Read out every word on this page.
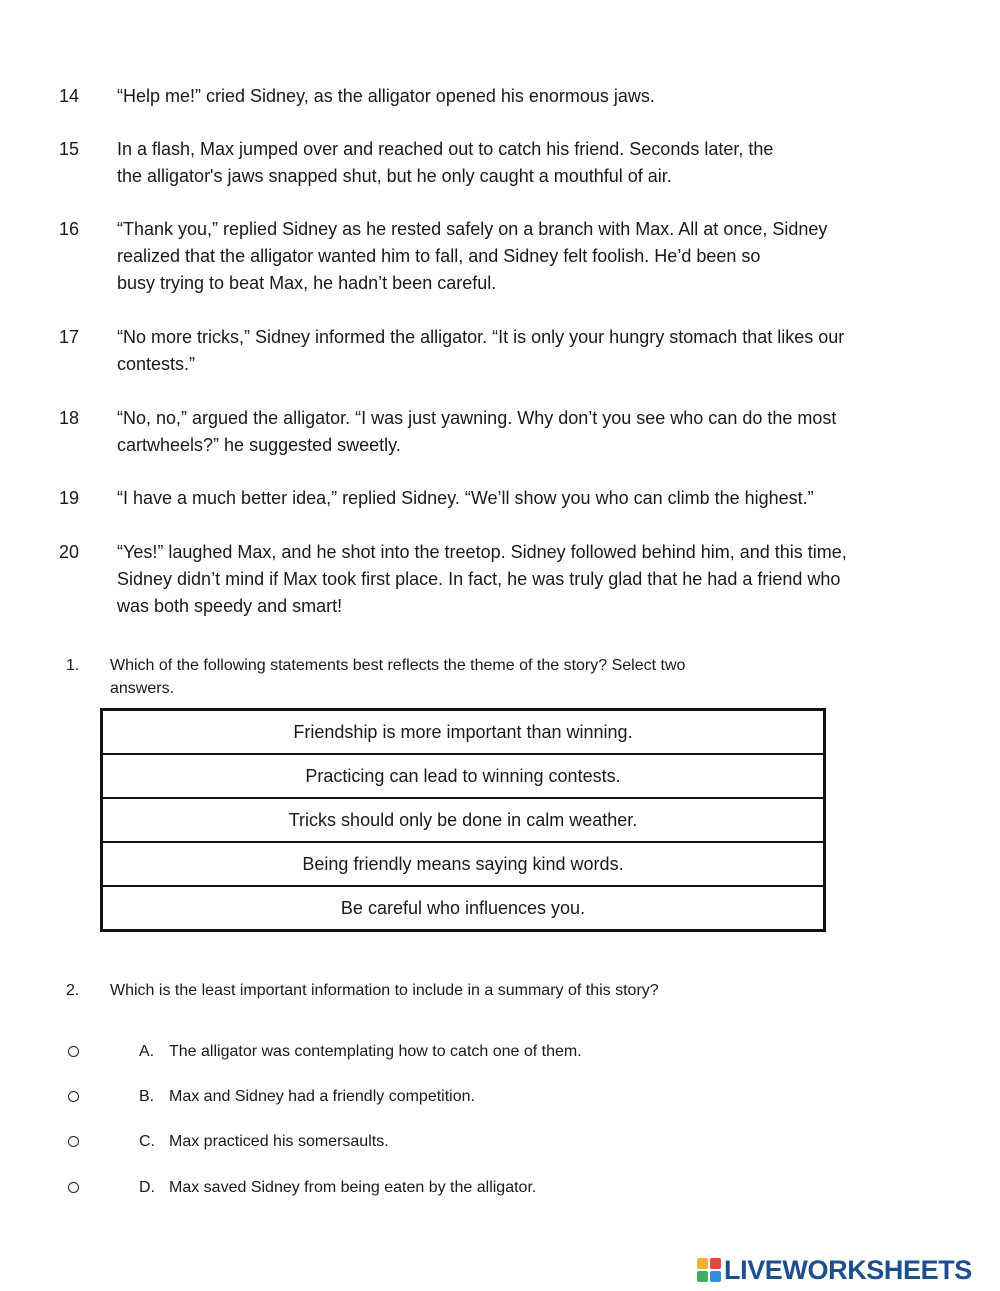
14	“Help me!” cried Sidney, as the alligator opened his enormous jaws.
15	In a flash, Max jumped over and reached out to catch his friend. Seconds later, the
the alligator's jaws snapped shut, but he only caught a mouthful of air.
16	“Thank you,” replied Sidney as he rested safely on a branch with Max. All at once, Sidney
realized that the alligator wanted him to fall, and Sidney felt foolish. He’d been so
busy trying to beat Max, he hadn’t been careful.
17	“No more tricks,” Sidney informed the alligator. “It is only your hungry stomach that likes our
contests.”
18	“No, no,” argued the alligator. “I was just yawning. Why don’t you see who can do the most
cartwheels?” he suggested sweetly.
19	“I have a much better idea,” replied Sidney. “We’ll show you who can climb the highest.”
20	“Yes!” laughed Max, and he shot into the treetop. Sidney followed behind him, and this time,
Sidney didn’t mind if Max took first place. In fact, he was truly glad that he had a friend who
was both speedy and smart!
1. Which of the following statements best reflects the theme of the story? Select two
answers.
Friendship is more important than winning.
Practicing can lead to winning contests.
Tricks should only be done in calm weather.
Being friendly means saying kind words.
Be careful who influences you.
2. Which is the least important information to include in a summary of this story?
A. The alligator was contemplating how to catch one of them.
B. Max and Sidney had a friendly competition.
C. Max practiced his somersaults.
D. Max saved Sidney from being eaten by the alligator.
LIVEWORKSHEETS
